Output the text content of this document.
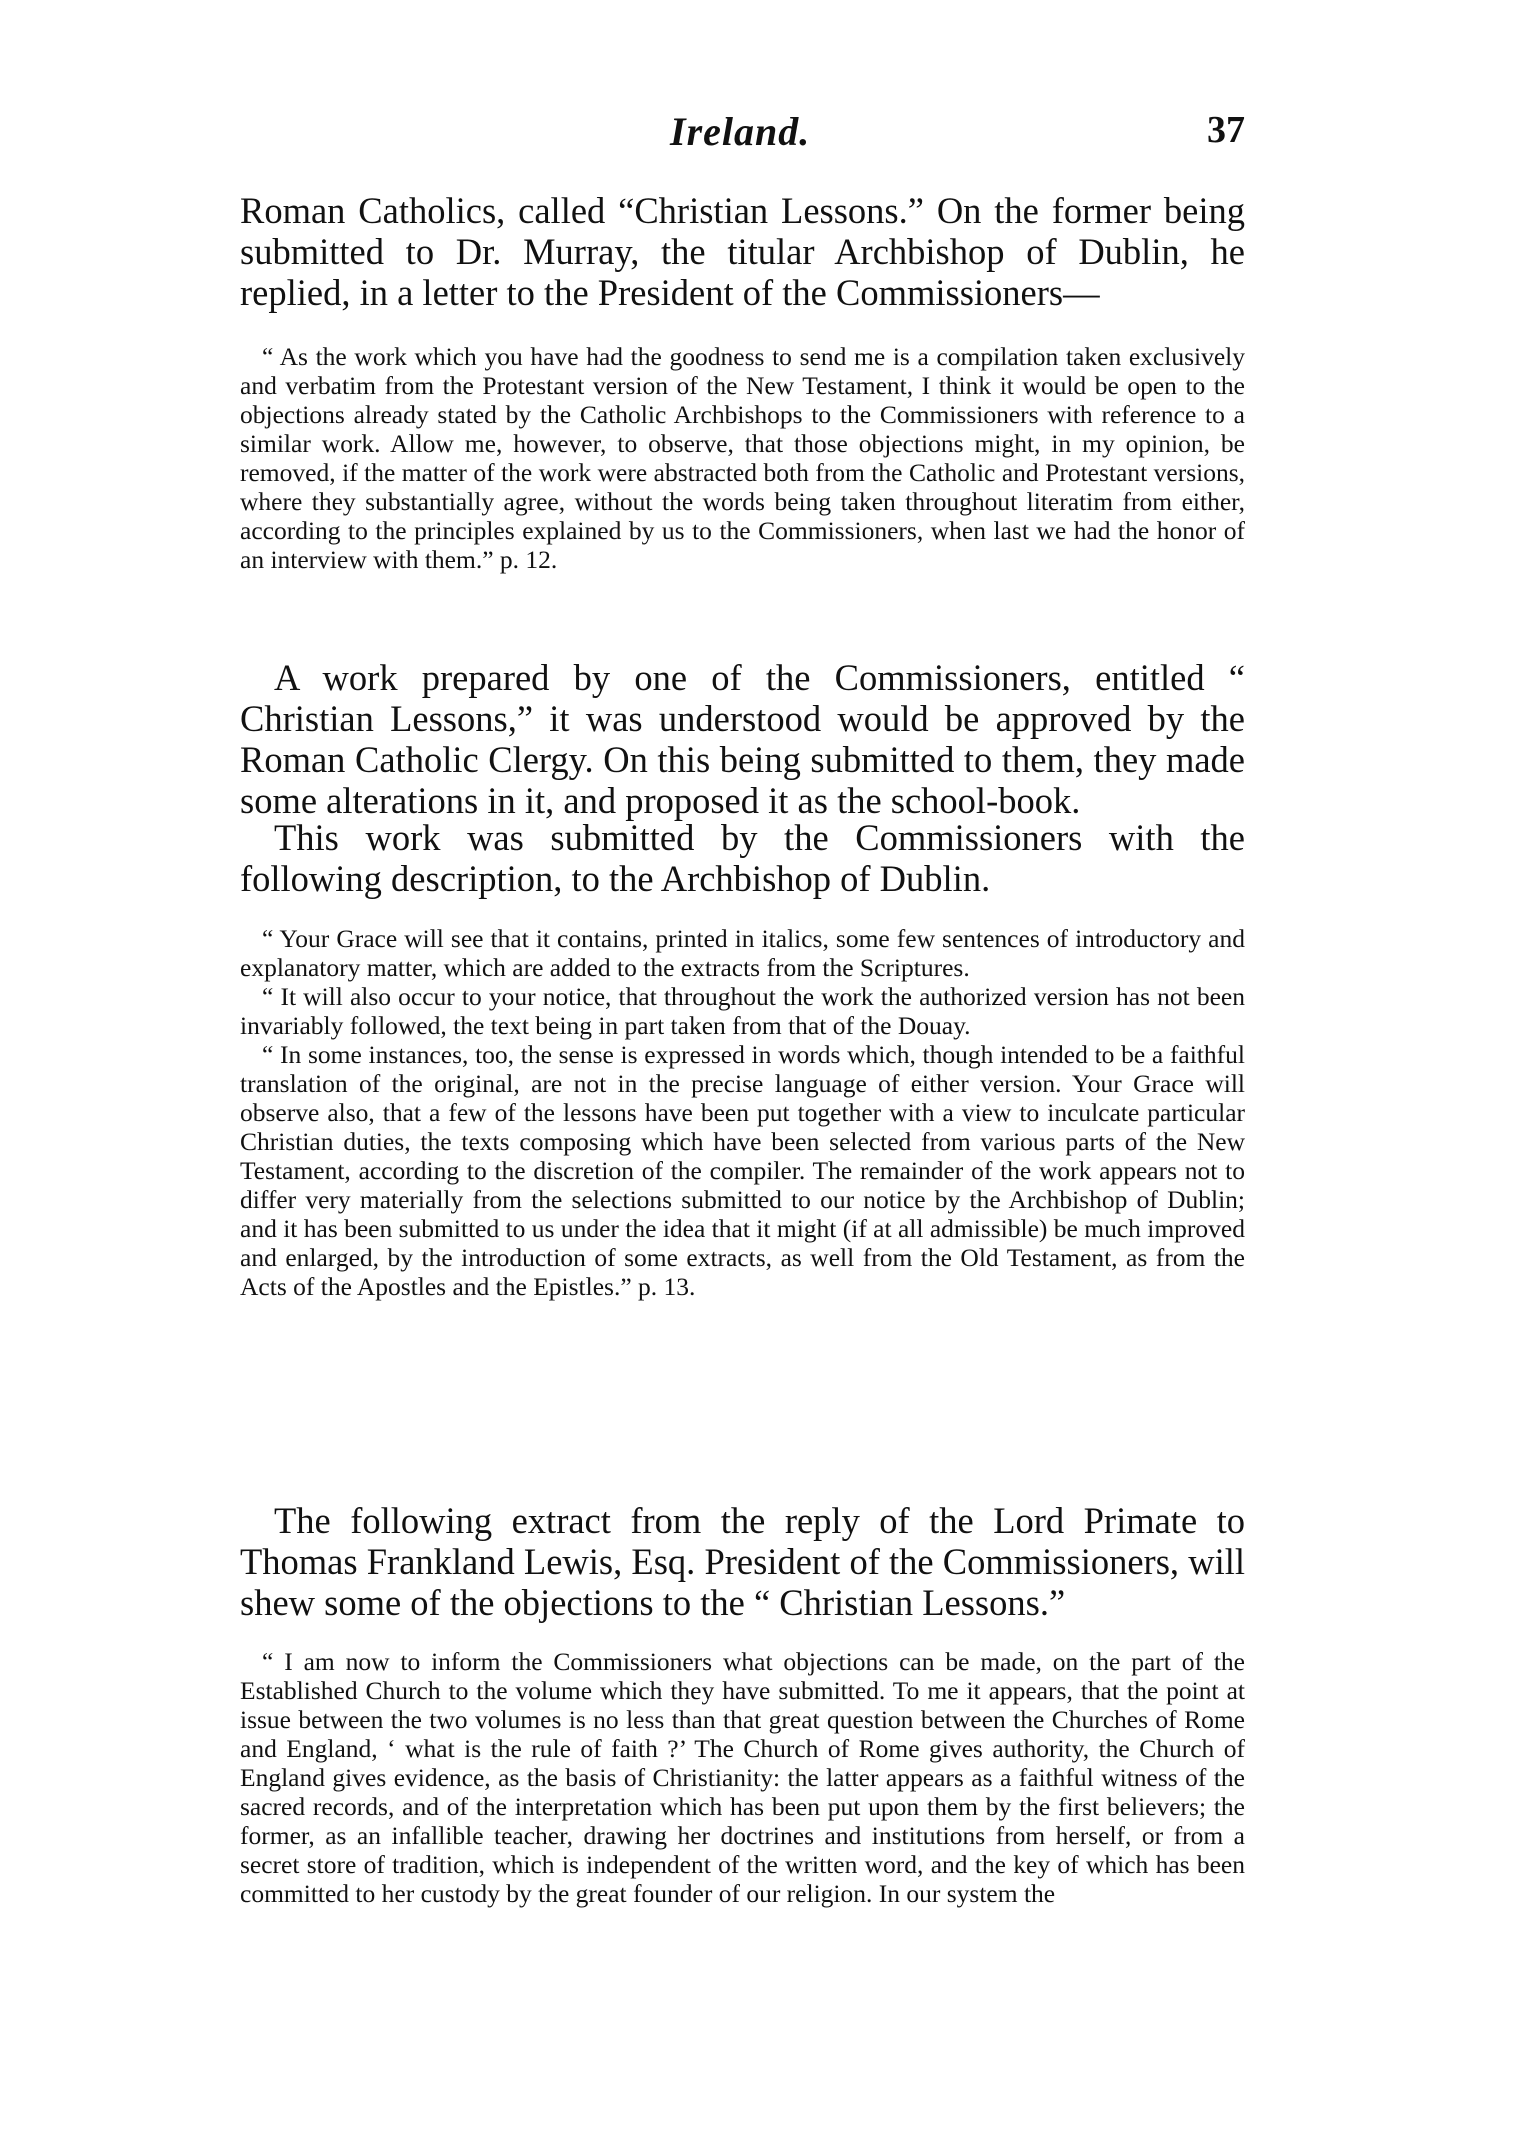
Ireland.	37

Roman Catholics, called “Christian Lessons.” On the former being submitted to Dr. Murray, the titular Archbishop of Dublin, he replied, in a letter to the President of the Commissioners—

“ As the work which you have had the goodness to send me is a compilation taken exclusively and verbatim from the Protestant version of the New Testament, I think it would be open to the objections already stated by the Catholic Archbishops to the Commissioners with reference to a similar work. Allow me, however, to observe, that those objections might, in my opinion, be removed, if the matter of the work were abstracted both from the Catholic and Protestant versions, where they substantially agree, without the words being taken throughout literatim from either, according to the principles explained by us to the Commissioners, when last we had the honor of an interview with them.” p. 12.

A work prepared by one of the Commissioners, entitled “ Christian Lessons,” it was understood would be approved by the Roman Catholic Clergy. On this being submitted to them, they made some alterations in it, and proposed it as the school-book.

This work was submitted by the Commissioners with the following description, to the Archbishop of Dublin.

“ Your Grace will see that it contains, printed in italics, some few sentences of introductory and explanatory matter, which are added to the extracts from the Scriptures.

“ It will also occur to your notice, that throughout the work the authorized version has not been invariably followed, the text being in part taken from that of the Douay.

“ In some instances, too, the sense is expressed in words which, though intended to be a faithful translation of the original, are not in the precise language of either version. Your Grace will observe also, that a few of the lessons have been put together with a view to inculcate particular Christian duties, the texts composing which have been selected from various parts of the New Testament, according to the discretion of the compiler. The remainder of the work appears not to differ very materially from the selections submitted to our notice by the Archbishop of Dublin; and it has been submitted to us under the idea that it might (if at all admissible) be much improved and enlarged, by the introduction of some extracts, as well from the Old Testament, as from the Acts of the Apostles and the Epistles.” p. 13.

The following extract from the reply of the Lord Primate to Thomas Frankland Lewis, Esq. President of the Commissioners, will shew some of the objections to the “ Christian Lessons.”

“ I am now to inform the Commissioners what objections can be made, on the part of the Established Church to the volume which they have submitted. To me it appears, that the point at issue between the two volumes is no less than that great question between the Churches of Rome and England, ‘ what is the rule of faith ?’ The Church of Rome gives authority, the Church of England gives evidence, as the basis of Christianity: the latter appears as a faithful witness of the sacred records, and of the interpretation which has been put upon them by the first believers; the former, as an infallible teacher, drawing her doctrines and institutions from herself, or from a secret store of tradition, which is independent of the written word, and the key of which has been committed to her custody by the great founder of our religion. In our system the
